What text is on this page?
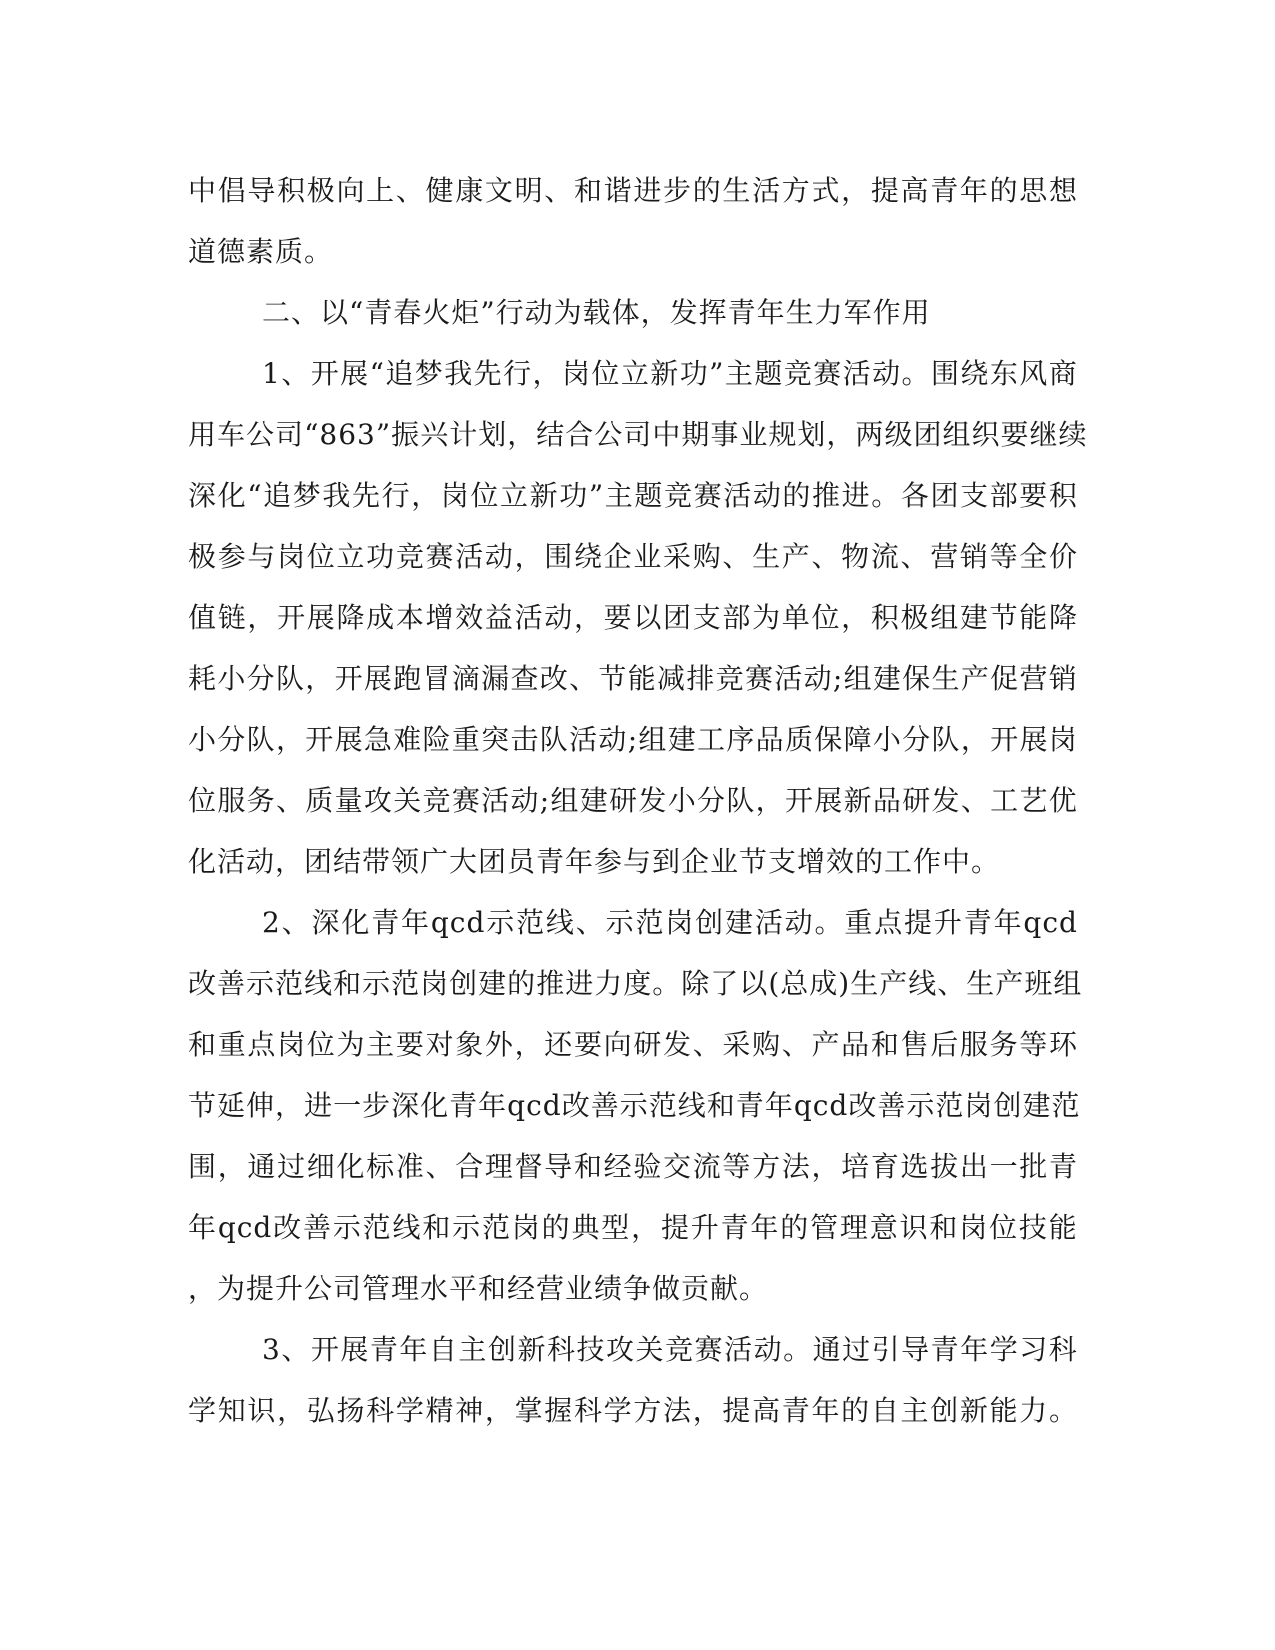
中 倡 导 积 极 向 上 、 健 康 文 明 、 和 谐 进 步 的 生 活 方 式 ， 提 高 青 年 的 思 想
道德素质。
二、以“青春火炬”行动为载体，发挥青年生力军作用
1 、 开 展 “ 追 梦 我 先 行 ， 岗 位 立 新 功 ” 主 题 竞 赛 活 动 。 围 绕 东 风 商
用 车 公 司 “ 863 ” 振 兴 计 划 ， 结 合 公 司 中 期 事 业 规 划 ， 两 级 团 组 织 要 继 续
深 化 “ 追 梦 我 先 行 ， 岗 位 立 新 功 ” 主 题 竞 赛 活 动 的 推 进 。 各 团 支 部 要 积
极 参 与 岗 位 立 功 竞 赛 活 动 ， 围 绕 企 业 采 购 、 生 产 、 物 流 、 营 销 等 全 价
值 链 ， 开 展 降 成 本 增 效 益 活 动 ， 要 以 团 支 部 为 单 位 ， 积 极 组 建 节 能 降
耗 小 分 队 ， 开 展 跑 冒 滴 漏 查 改 、 节 能 减 排 竞 赛 活 动 ; 组 建 保 生 产 促 营 销
小 分 队 ， 开 展 急 难 险 重 突 击 队 活 动 ; 组 建 工 序 品 质 保 障 小 分 队 ， 开 展 岗
位 服 务 、 质 量 攻 关 竞 赛 活 动 ; 组 建 研 发 小 分 队 ， 开 展 新 品 研 发 、 工 艺 优
化活动，团结带领广大团员青年参与到企业节支增效的工作中。
2 、 深 化 青 年 qcd 示 范 线 、 示 范 岗 创 建 活 动 。 重 点 提 升 青 年 qcd
改 善 示 范 线 和 示 范 岗 创 建 的 推 进 力 度 。 除 了 以 ( 总 成 ) 生 产 线 、 生 产 班 组
和 重 点 岗 位 为 主 要 对 象 外 ， 还 要 向 研 发 、 采 购 、 产 品 和 售 后 服 务 等 环
节 延 伸 ， 进 一 步 深 化 青 年 qcd 改 善 示 范 线 和 青 年 qcd 改 善 示 范 岗 创 建 范
围 ， 通 过 细 化 标 准 、 合 理 督 导 和 经 验 交 流 等 方 法 ， 培 育 选 拔 出 一 批 青
年 qcd 改 善 示 范 线 和 示 范 岗 的 典 型 ， 提 升 青 年 的 管 理 意 识 和 岗 位 技 能
，为提升公司管理水平和经营业绩争做贡献。
3 、 开 展 青 年 自 主 创 新 科 技 攻 关 竞 赛 活 动 。 通 过 引 导 青 年 学 习 科
学 知 识 ， 弘 扬 科 学 精 神 ， 掌 握 科 学 方 法 ， 提 高 青 年 的 自 主 创 新 能 力 。
